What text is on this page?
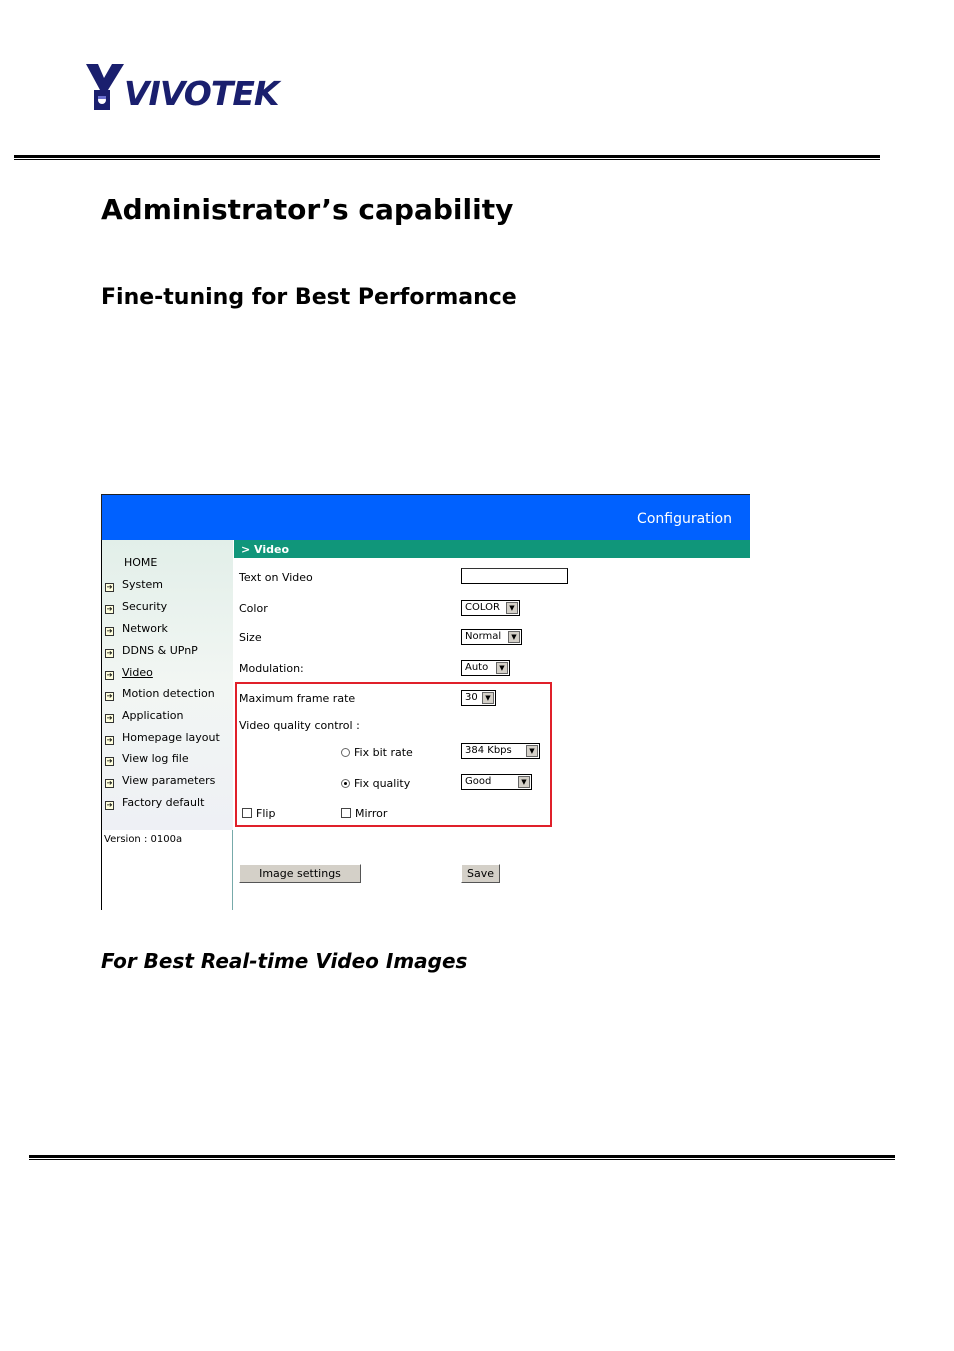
VIVOTEK
Administrator’s capability
Fine-tuning for Best Performance
Configuration
HOME
➔ System
➔ Security
➔ Network
➔ DDNS & UPnP
➔ Video
➔ Motion detection
➔ Application
➔ Homepage layout
➔ View log file
➔ View parameters
➔ Factory default
Version : 0100a
> Video
Text on Video
Color	COLOR	▼
Size	Normal	▼
Modulation:	Auto	▼
Maximum frame rate	30	▼
Video quality control :
Fix bit rate	384 Kbps	▼
Fix quality	Good	▼
Flip	Mirror
Image settings	Save
For Best Real-time Video Images
